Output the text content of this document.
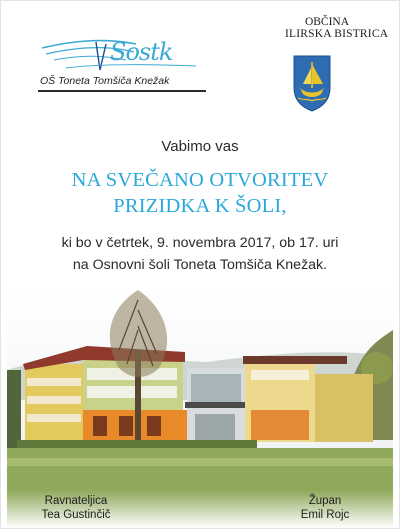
Sostk
OŠ Toneta Tomšiča Knežak
OBČINA
ILIRSKA BISTRICA
Vabimo vas
NA SVEČANO OTVORITEV
PRIZIDKA K ŠOLI,
ki bo v četrtek, 9. novembra 2017, ob 17. uri
na Osnovni šoli Toneta Tomšiča Knežak.
Ravnateljica
Tea Gustinčič
Župan
Emil Rojc
